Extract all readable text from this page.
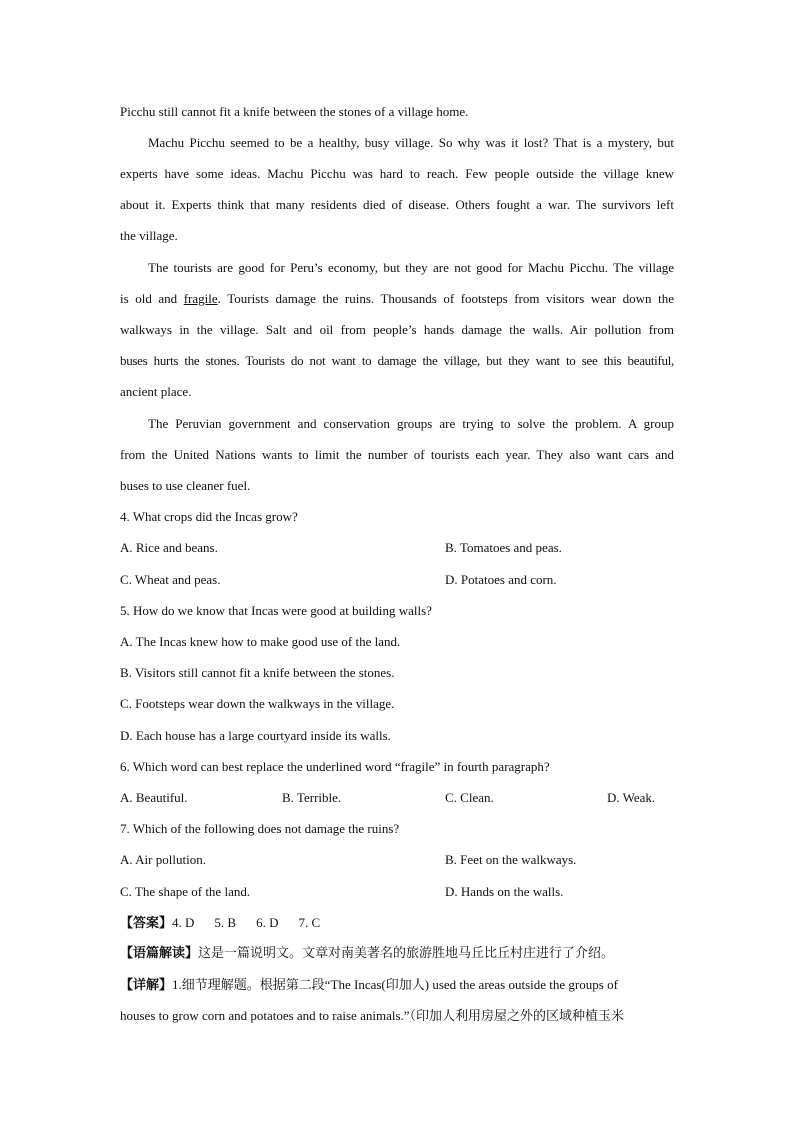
Picchu still cannot fit a knife between the stones of a village home.
Machu Picchu seemed to be a healthy, busy village. So why was it lost? That is a mystery, but
experts have some ideas. Machu Picchu was hard to reach. Few people outside the village knew
about it. Experts think that many residents died of disease. Others fought a war. The survivors left
the village.
The tourists are good for Peru’s economy, but they are not good for Machu Picchu. The village
is old and fragile. Tourists damage the ruins. Thousands of footsteps from visitors wear down the
walkways in the village. Salt and oil from people’s hands damage the walls. Air pollution from
buses hurts the stones. Tourists do not want to damage the village, but they want to see this beautiful,
ancient place.
The Peruvian government and conservation groups are trying to solve the problem. A group
from the United Nations wants to limit the number of tourists each year. They also want cars and
buses to use cleaner fuel.
4. What crops did the Incas grow?
A. Rice and beans.	B. Tomatoes and peas.
C. Wheat and peas.	D. Potatoes and corn.
5. How do we know that Incas were good at building walls?
A. The Incas knew how to make good use of the land.
B. Visitors still cannot fit a knife between the stones.
C. Footsteps wear down the walkways in the village.
D. Each house has a large courtyard inside its walls.
6. Which word can best replace the underlined word “fragile” in fourth paragraph?
A. Beautiful.	B. Terrible.	C. Clean.	D. Weak.
7. Which of the following does not damage the ruins?
A. Air pollution.	B. Feet on the walkways.
C. The shape of the land.	D. Hands on the walls.
【答案】4. D 5. B 6. D 7. C
【语篇解读】这是一篇说明文。文章对南美著名的旅游胜地马丘比丘村庄进行了介绍。
【详解】1.细节理解题。根据第二段“The Incas(印加人) used the areas outside the groups of
houses to grow corn and potatoes and to raise animals.”（印加人利用房屋之外的区域种植玉米
